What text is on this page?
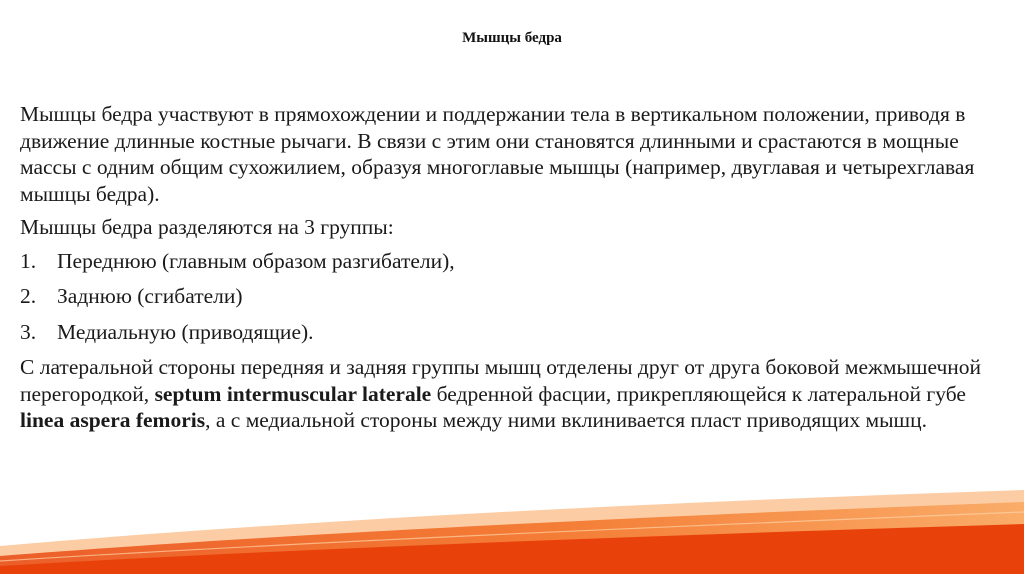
Мышцы бедра

Мышцы бедра участвуют в прямохождении и поддержании тела в вертикальном положении, приводя в движение длинные костные рычаги. В связи с этим они становятся длинными и срастаются в мощные массы с одним общим сухожилием, образуя многоглавые мышцы (например, двуглавая и четырехглавая мышцы бедра).

Мышцы бедра разделяются на 3 группы:

1. Переднюю (главным образом разгибатели),
2. Заднюю (сгибатели)
3. Медиальную (приводящие).

С латеральной стороны передняя и задняя группы мышц отделены друг от друга боковой межмышечной перегородкой, septum intermuscular laterale бедренной фасции, прикрепляющейся к латеральной губе linea aspera femoris, а с медиальной стороны между ними вклинивается пласт приводящих мышц.
